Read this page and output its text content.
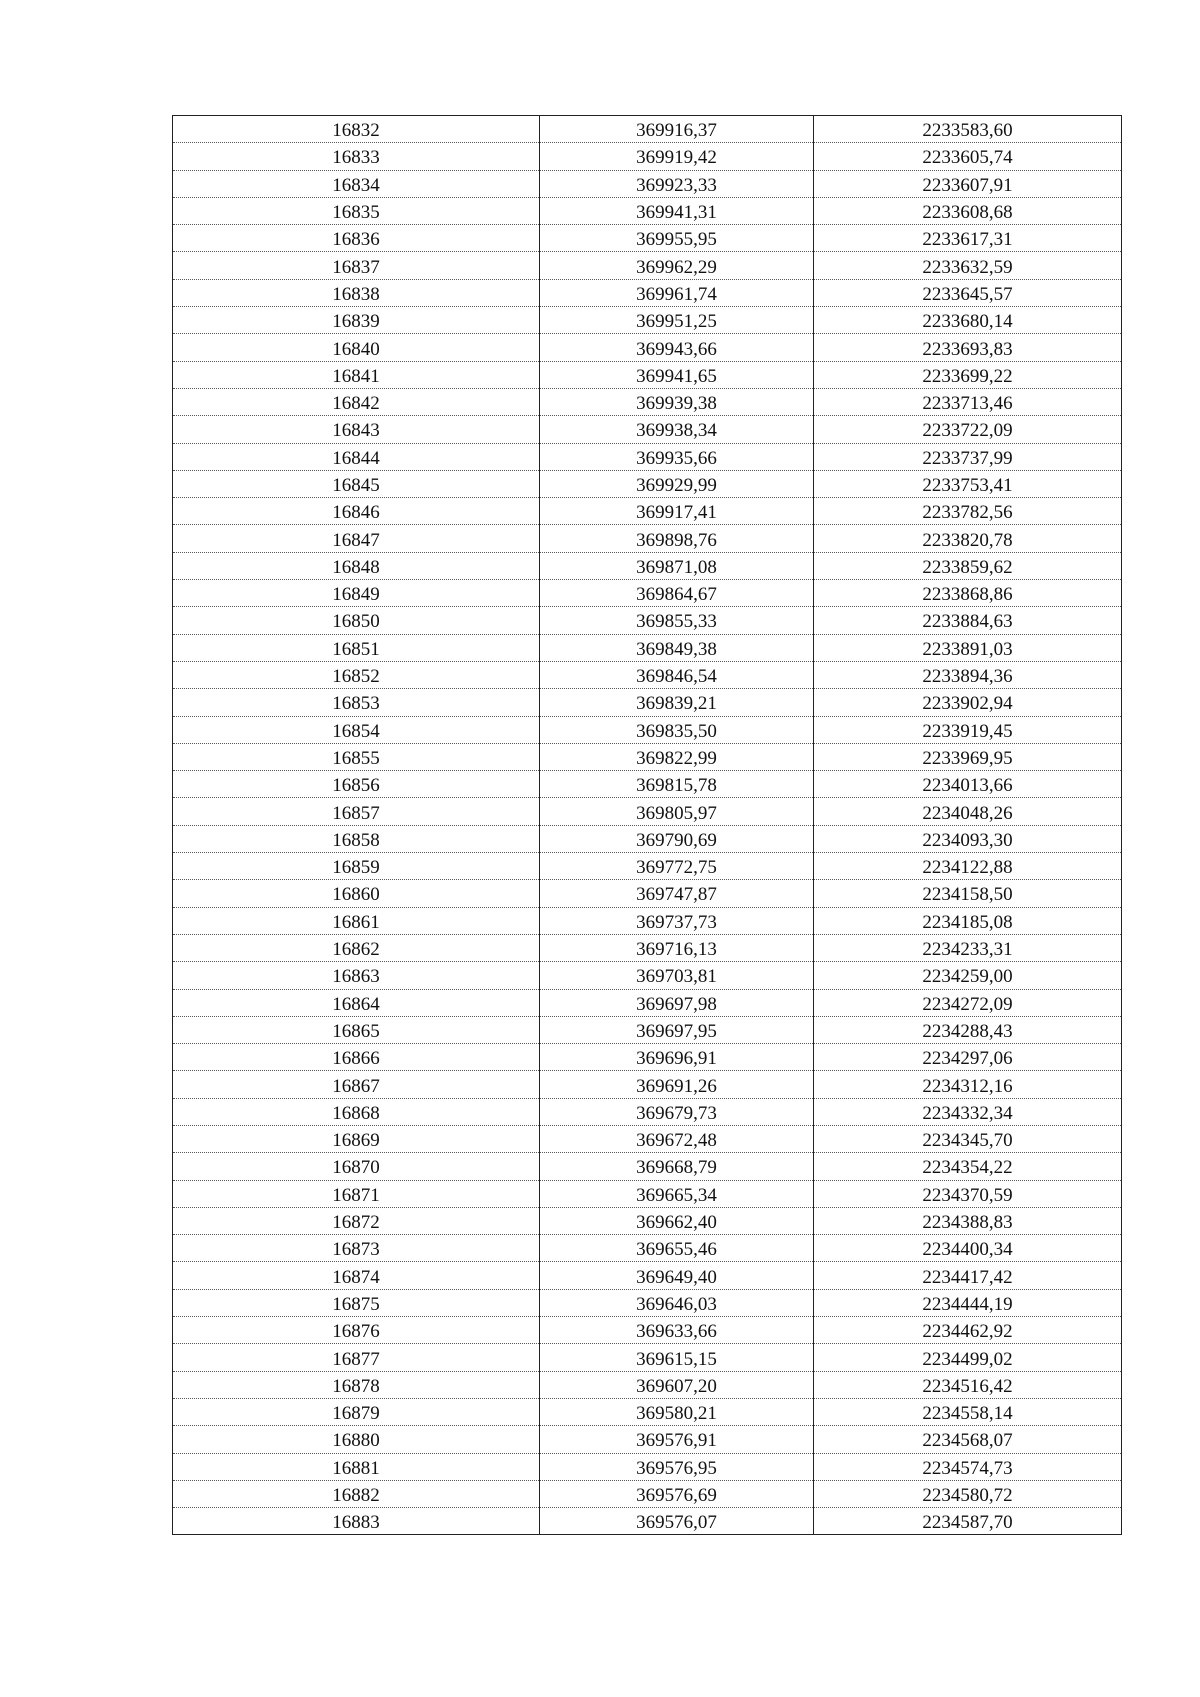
16832	369916,37	2233583,60
16833	369919,42	2233605,74
16834	369923,33	2233607,91
16835	369941,31	2233608,68
16836	369955,95	2233617,31
16837	369962,29	2233632,59
16838	369961,74	2233645,57
16839	369951,25	2233680,14
16840	369943,66	2233693,83
16841	369941,65	2233699,22
16842	369939,38	2233713,46
16843	369938,34	2233722,09
16844	369935,66	2233737,99
16845	369929,99	2233753,41
16846	369917,41	2233782,56
16847	369898,76	2233820,78
16848	369871,08	2233859,62
16849	369864,67	2233868,86
16850	369855,33	2233884,63
16851	369849,38	2233891,03
16852	369846,54	2233894,36
16853	369839,21	2233902,94
16854	369835,50	2233919,45
16855	369822,99	2233969,95
16856	369815,78	2234013,66
16857	369805,97	2234048,26
16858	369790,69	2234093,30
16859	369772,75	2234122,88
16860	369747,87	2234158,50
16861	369737,73	2234185,08
16862	369716,13	2234233,31
16863	369703,81	2234259,00
16864	369697,98	2234272,09
16865	369697,95	2234288,43
16866	369696,91	2234297,06
16867	369691,26	2234312,16
16868	369679,73	2234332,34
16869	369672,48	2234345,70
16870	369668,79	2234354,22
16871	369665,34	2234370,59
16872	369662,40	2234388,83
16873	369655,46	2234400,34
16874	369649,40	2234417,42
16875	369646,03	2234444,19
16876	369633,66	2234462,92
16877	369615,15	2234499,02
16878	369607,20	2234516,42
16879	369580,21	2234558,14
16880	369576,91	2234568,07
16881	369576,95	2234574,73
16882	369576,69	2234580,72
16883	369576,07	2234587,70
